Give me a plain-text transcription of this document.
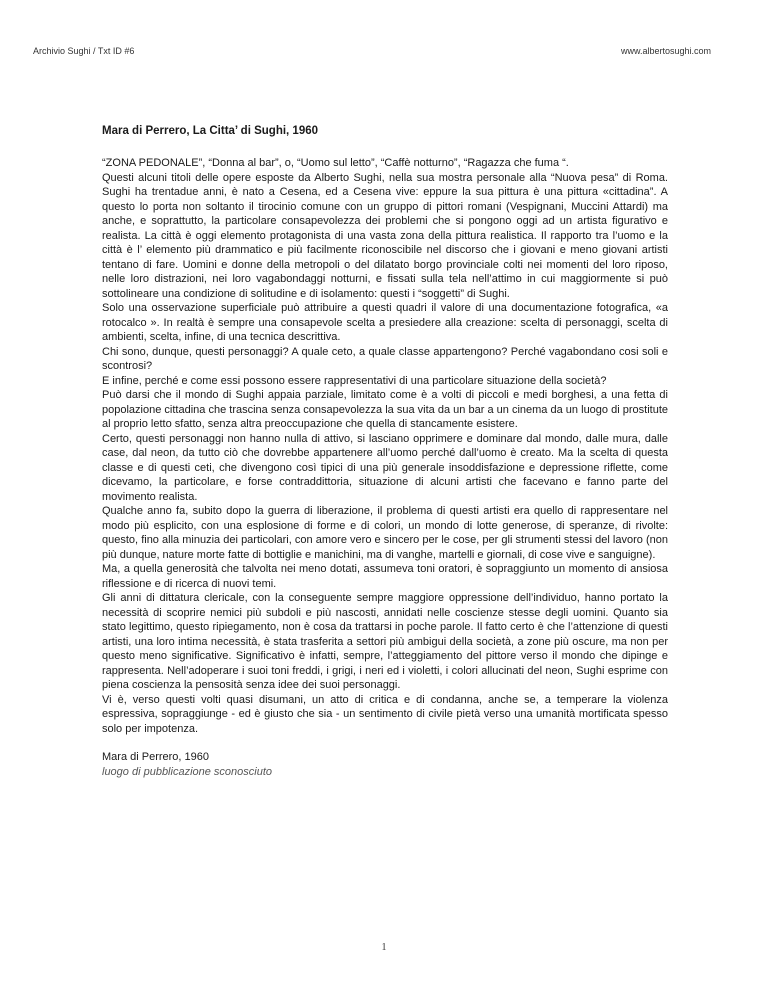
Archivio Sughi / Txt ID #6	www.albertosughi.com
Mara di Perrero, La Citta’ di Sughi, 1960

“ZONA PEDONALE”, “Donna al bar”, o, “Uomo sul letto”, “Caffè notturno”, “Ragazza che fuma “.

Questi alcuni titoli delle opere esposte da Alberto Sughi, nella sua mostra personale alla “Nuova pesa” di Roma. Sughi ha trentadue anni, è nato a Cesena, ed a Cesena vive: eppure la sua pittura è una pittura «cittadina”. A questo lo porta non soltanto il tirocinio comune con un gruppo di pittori romani (Vespignani, Muccini Attardi) ma anche, e soprattutto, la particolare consapevolezza dei problemi che si pongono oggi ad un artista figurativo e realista. La città è oggi elemento protagonista di una vasta zona della pittura realistica. Il rapporto tra l’uomo e la città è l’ elemento più drammatico e più facilmente riconoscibile nel discorso che i giovani e meno giovani artisti tentano di fare. Uomini e donne della metropoli o del dilatato borgo provinciale colti nei momenti del loro riposo, nelle loro distrazioni, nei loro vagabondaggi notturni, e fissati sulla tela nell’attimo in cui maggiormente si può sottolineare una condizione di solitudine e di isolamento: questi i “soggetti” di Sughi.

Solo una osservazione superficiale può attribuire a questi quadri il valore di una documentazione fotografica, «a rotocalco ». In realtà è sempre una consapevole scelta a presiedere alla creazione: scelta di personaggi, scelta di ambienti, scelta, infine, di una tecnica descrittiva.

Chi sono, dunque, questi personaggi? A quale ceto, a quale classe appartengono? Perché vagabondano cosi soli e scontrosi?

E infine, perché e come essi possono essere rappresentativi di una particolare situazione della società?

Può darsi che il mondo di Sughi appaia parziale, limitato come è a volti di piccoli e medi borghesi, a una fetta di popolazione cittadina che trascina senza consapevolezza la sua vita da un bar a un cinema da un luogo di prostitute al proprio letto sfatto, senza altra preoccupazione che quella di stancamente esistere.

Certo, questi personaggi non hanno nulla di attivo, si lasciano opprimere e dominare dal mondo, dalle mura, dalle case, dal neon, da tutto ciò che dovrebbe appartenere all’uomo perché dall’uomo è creato. Ma la scelta di questa classe e di questi ceti, che divengono così tipici di una più generale insoddisfazione e depressione riflette, come dicevamo, la particolare, e forse contraddittoria, situazione di alcuni artisti che facevano e fanno parte del movimento realista.

Qualche anno fa, subito dopo la guerra di liberazione, il problema di questi artisti era quello di rappresentare nel modo più esplicito, con una esplosione di forme e di colori, un mondo di lotte generose, di speranze, di rivolte: questo, fino alla minuzia dei particolari, con amore vero e sincero per le cose, per gli strumenti stessi del lavoro (non più dunque, nature morte fatte di bottiglie e manichini, ma di vanghe, martelli e giornali, di cose vive e sanguigne).

Ma, a quella generosità che talvolta nei meno dotati, assumeva toni oratori, è sopraggiunto un momento di ansiosa riflessione e di ricerca di nuovi temi.

Gli anni di dittatura clericale, con la conseguente sempre maggiore oppressione dell’individuo, hanno portato la necessità di scoprire nemici più subdoli e più nascosti, annidati nelle coscienze stesse degli uomini. Quanto sia stato legittimo, questo ripiegamento, non è cosa da trattarsi in poche parole. Il fatto certo è che l’attenzione di questi artisti, una loro intima necessità, è stata trasferita a settori più ambigui della società, a zone più oscure, ma non per questo meno significative. Significativo è infatti, sempre, l’atteggiamento del pittore verso il mondo che dipinge e rappresenta. Nell’adoperare i suoi toni freddi, i grigi, i neri ed i violetti, i colori allucinati del neon, Sughi esprime con piena coscienza la pensosità senza idee dei suoi personaggi.

Vi è, verso questi volti quasi disumani, un atto di critica e di condanna, anche se, a temperare la violenza espressiva, sopraggiunge - ed è giusto che sia - un sentimento di civile pietà verso una umanità mortificata spesso solo per impotenza.

Mara di Perrero, 1960
luogo di pubblicazione sconosciuto
1
